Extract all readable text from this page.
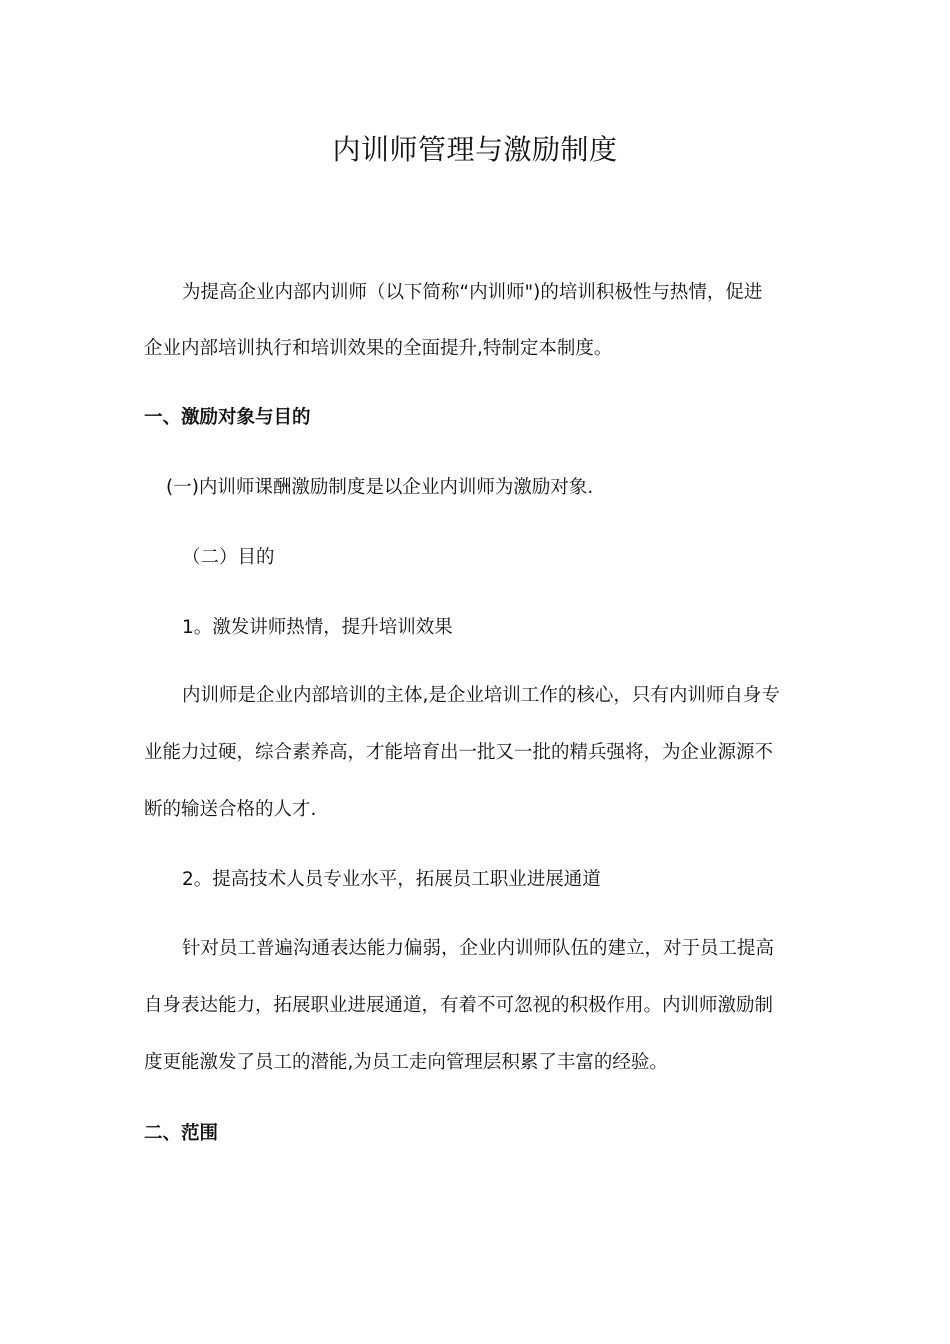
内训师管理与激励制度
为提高企业内部内训师（以下简称“内训师")的培训积极性与热情，促进
企业内部培训执行和培训效果的全面提升,特制定本制度。
一、激励对象与目的
(一)内训师课酬激励制度是以企业内训师为激励对象.
（二）目的
1。激发讲师热情，提升培训效果
内训师是企业内部培训的主体,是企业培训工作的核心，只有内训师自身专
业能力过硬，综合素养高，才能培育出一批又一批的精兵强将，为企业源源不
断的输送合格的人才.
2。提高技术人员专业水平，拓展员工职业进展通道
针对员工普遍沟通表达能力偏弱，企业内训师队伍的建立，对于员工提高
自身表达能力，拓展职业进展通道，有着不可忽视的积极作用。内训师激励制
度更能激发了员工的潜能,为员工走向管理层积累了丰富的经验。
二、范围
